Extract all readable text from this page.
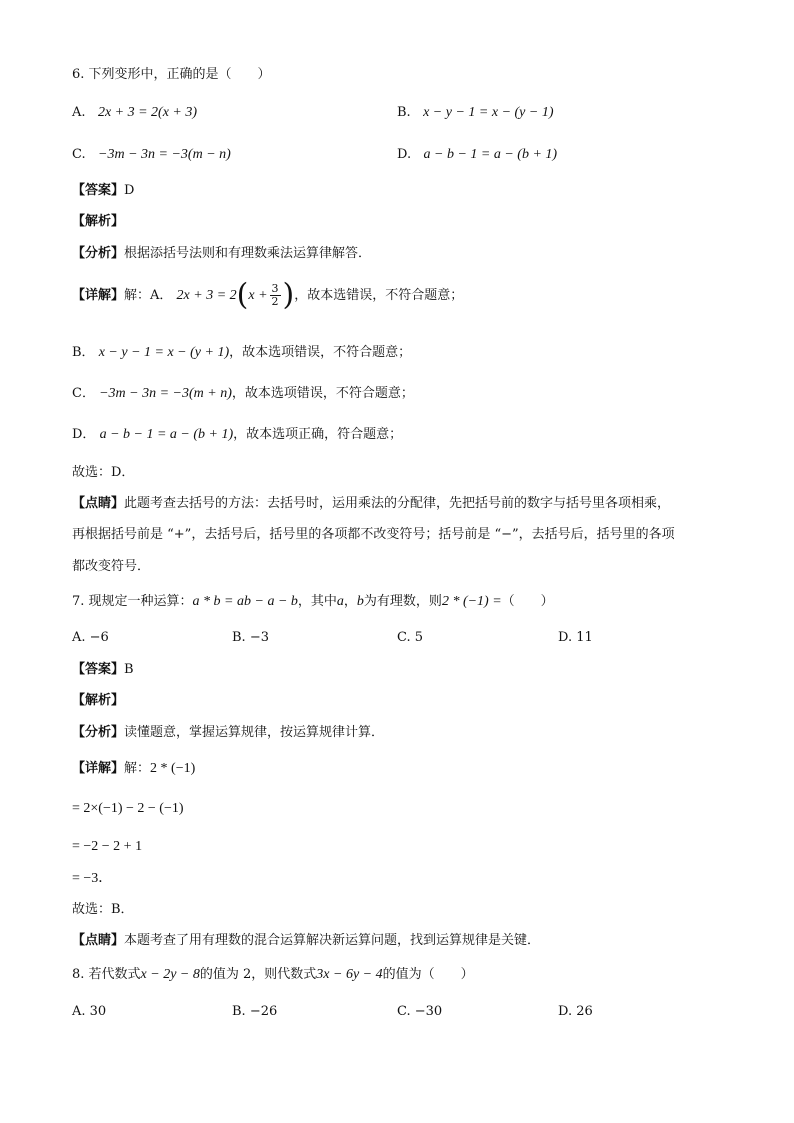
6. 下列变形中，正确的是（　　）
A. 2x + 3 = 2(x + 3)	B. x − y − 1 = x − (y − 1)
C. −3m − 3n = −3(m − n)	D. a − b − 1 = a − (b + 1)
【答案】D
【解析】
【分析】根据添括号法则和有理数乘法运算律解答．
【详解】解：A． $2x + 3 = 2(x + \frac{3}{2}$ )，故本选错误，不符合题意；
B． x − y − 1 = x − (y + 1)，故本选项错误，不符合题意；
C． −3m − 3n = −3(m + n)，故本选项错误，不符合题意；
D． a − b − 1 = a − (b + 1)，故本选项正确，符合题意；
故选：D．
【点睛】此题考查去括号的方法：去括号时，运用乘法的分配律，先把括号前的数字与括号里各项相乘，
再根据括号前是 “+”，去括号后，括号里的各项都不改变符号；括号前是 “−”，去括号后，括号里的各项
都改变符号．
7. 现规定一种运算：a * b = ab − a − b，其中a，b为有理数，则2 * (−1) =（　　）
A. −6	B. −3	C. 5	D. 11
【答案】B
【解析】
【分析】读懂题意，掌握运算规律，按运算规律计算．
【详解】解：2 * (−1)
= 2×(−1) − 2 − (−1)
= −2 − 2 + 1
= −3．
故选：B．
【点睛】本题考查了用有理数的混合运算解决新运算问题，找到运算规律是关键．
8. 若代数式x − 2y − 8的值为 2，则代数式3x − 6y − 4的值为（　　）
A. 30	B. −26	C. −30	D. 26
